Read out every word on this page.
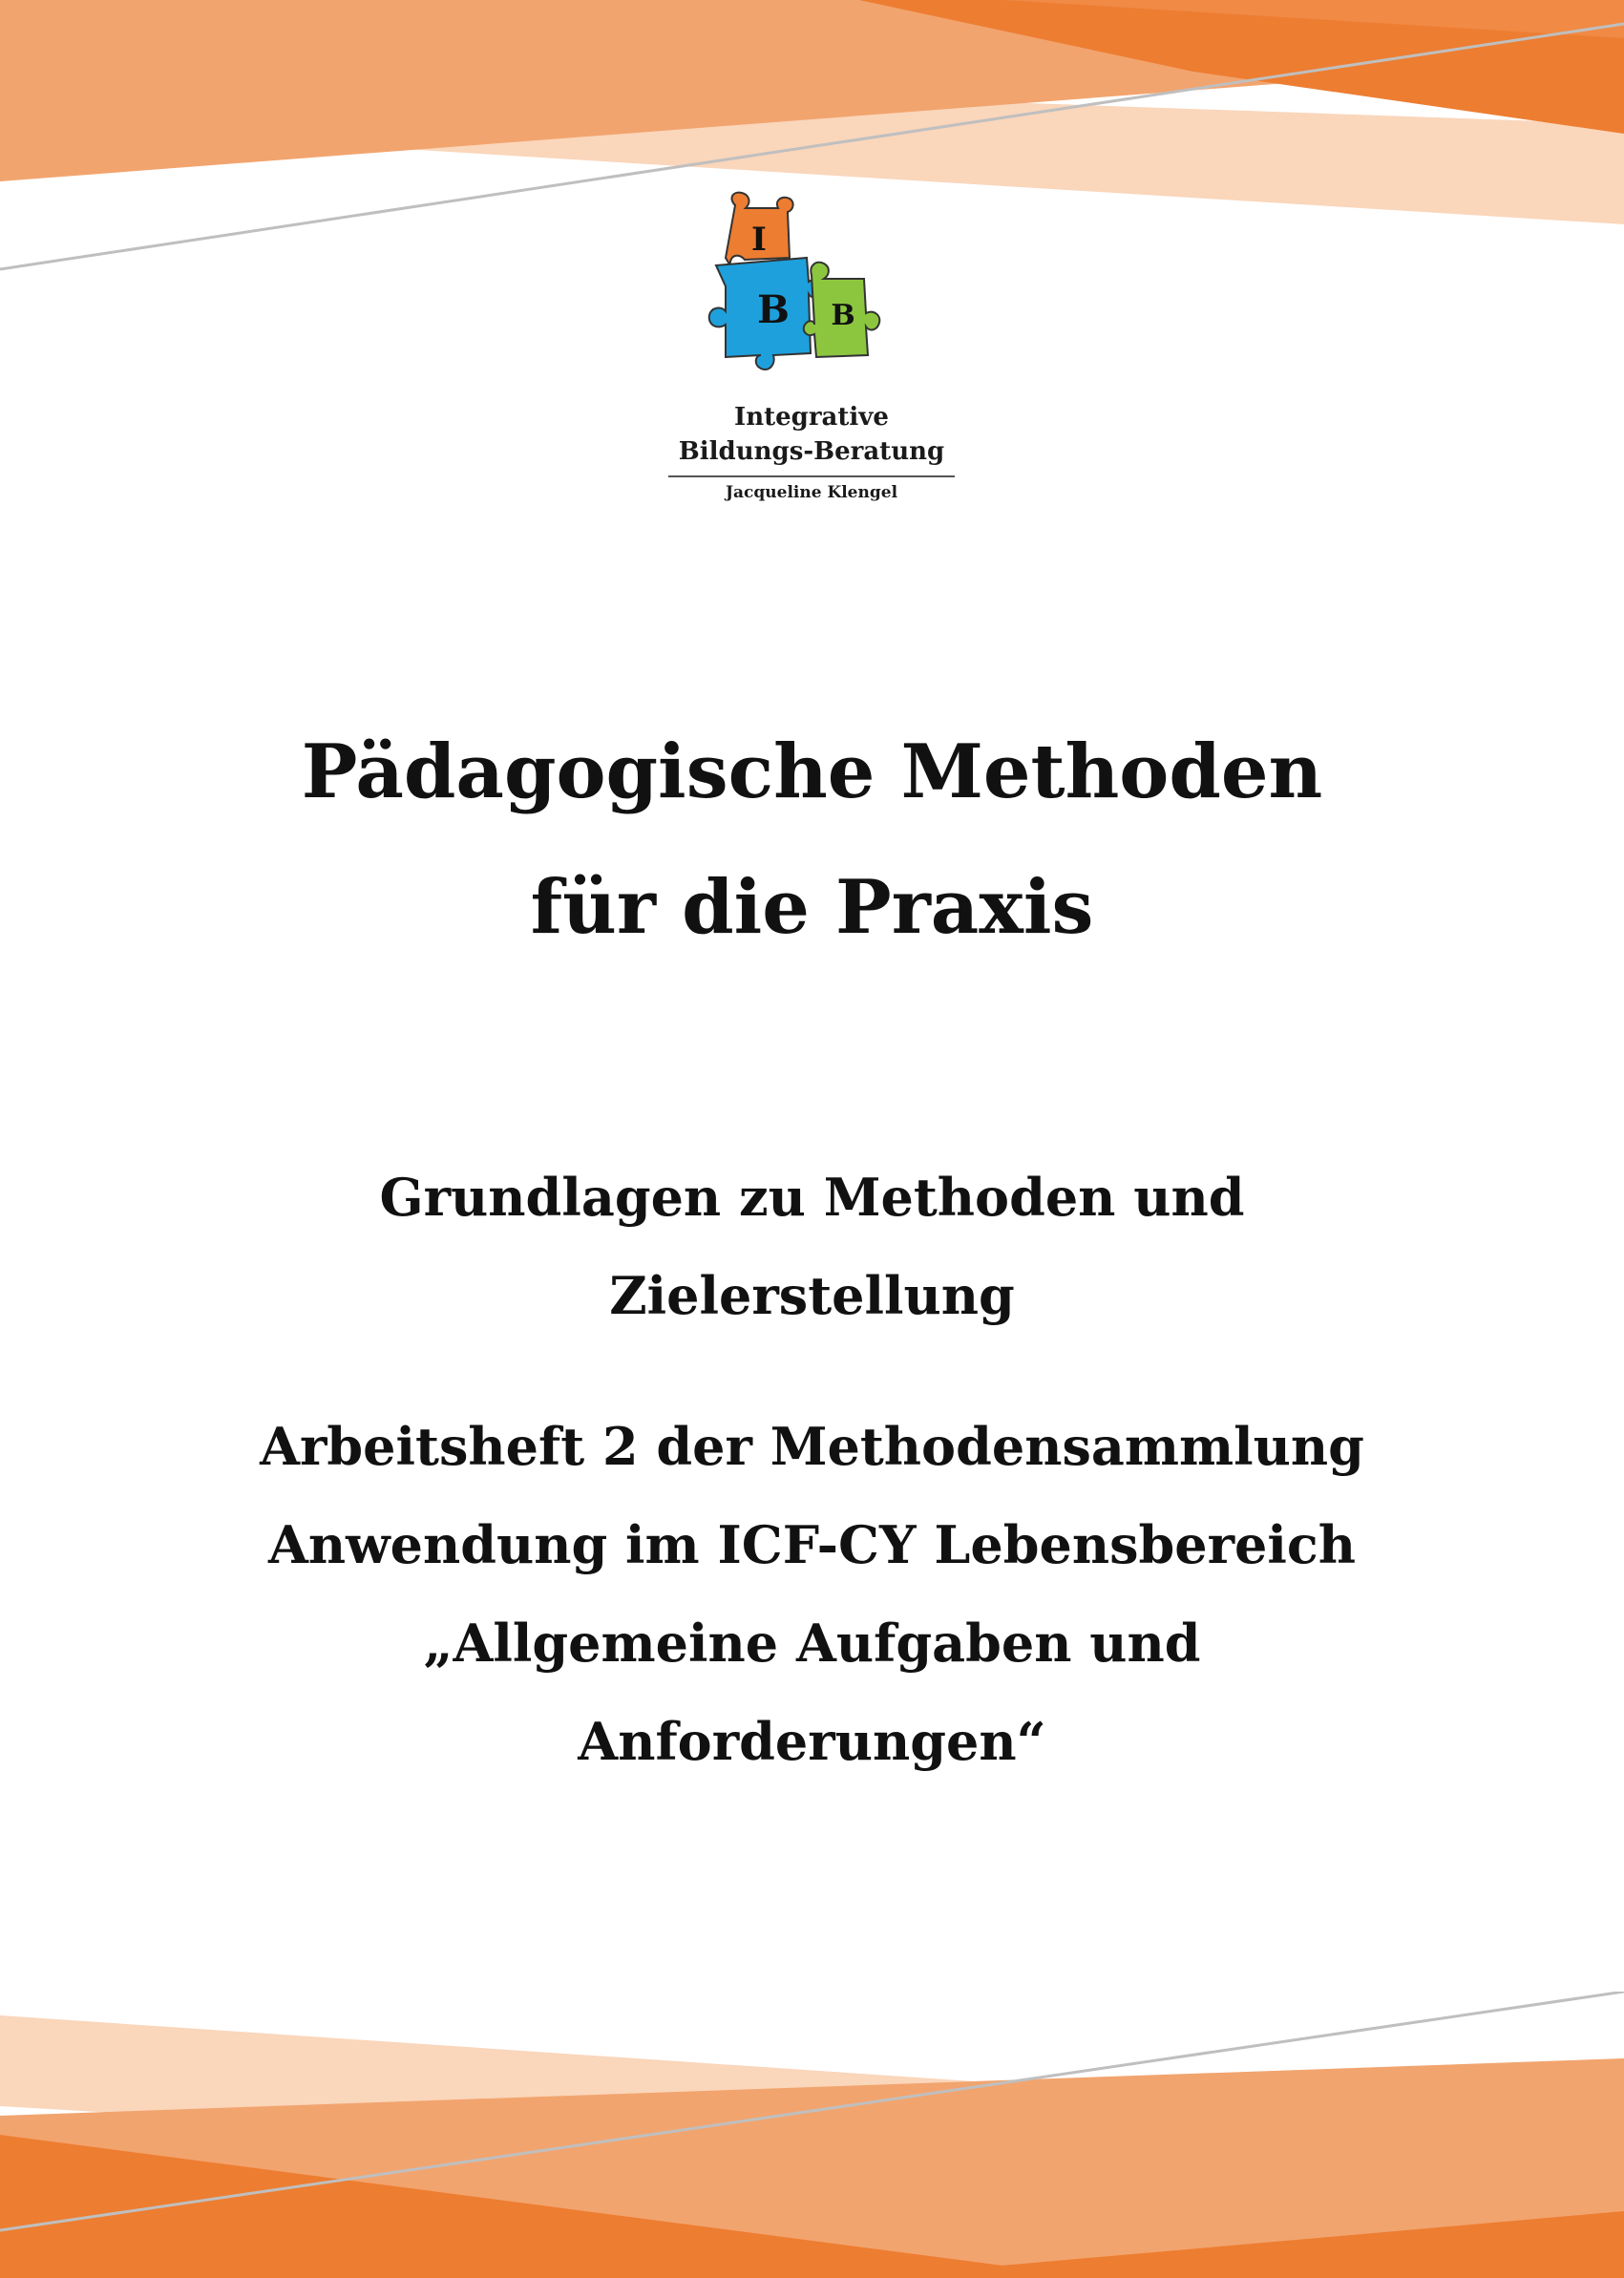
I
B B
Integrative
Bildungs-Beratung
Jacqueline Klengel
Pädagogische Methoden
für die Praxis
Grundlagen zu Methoden und
Zielerstellung
Arbeitsheft 2 der Methodensammlung
Anwendung im ICF-CY Lebensbereich
„Allgemeine Aufgaben und
Anforderungen“
